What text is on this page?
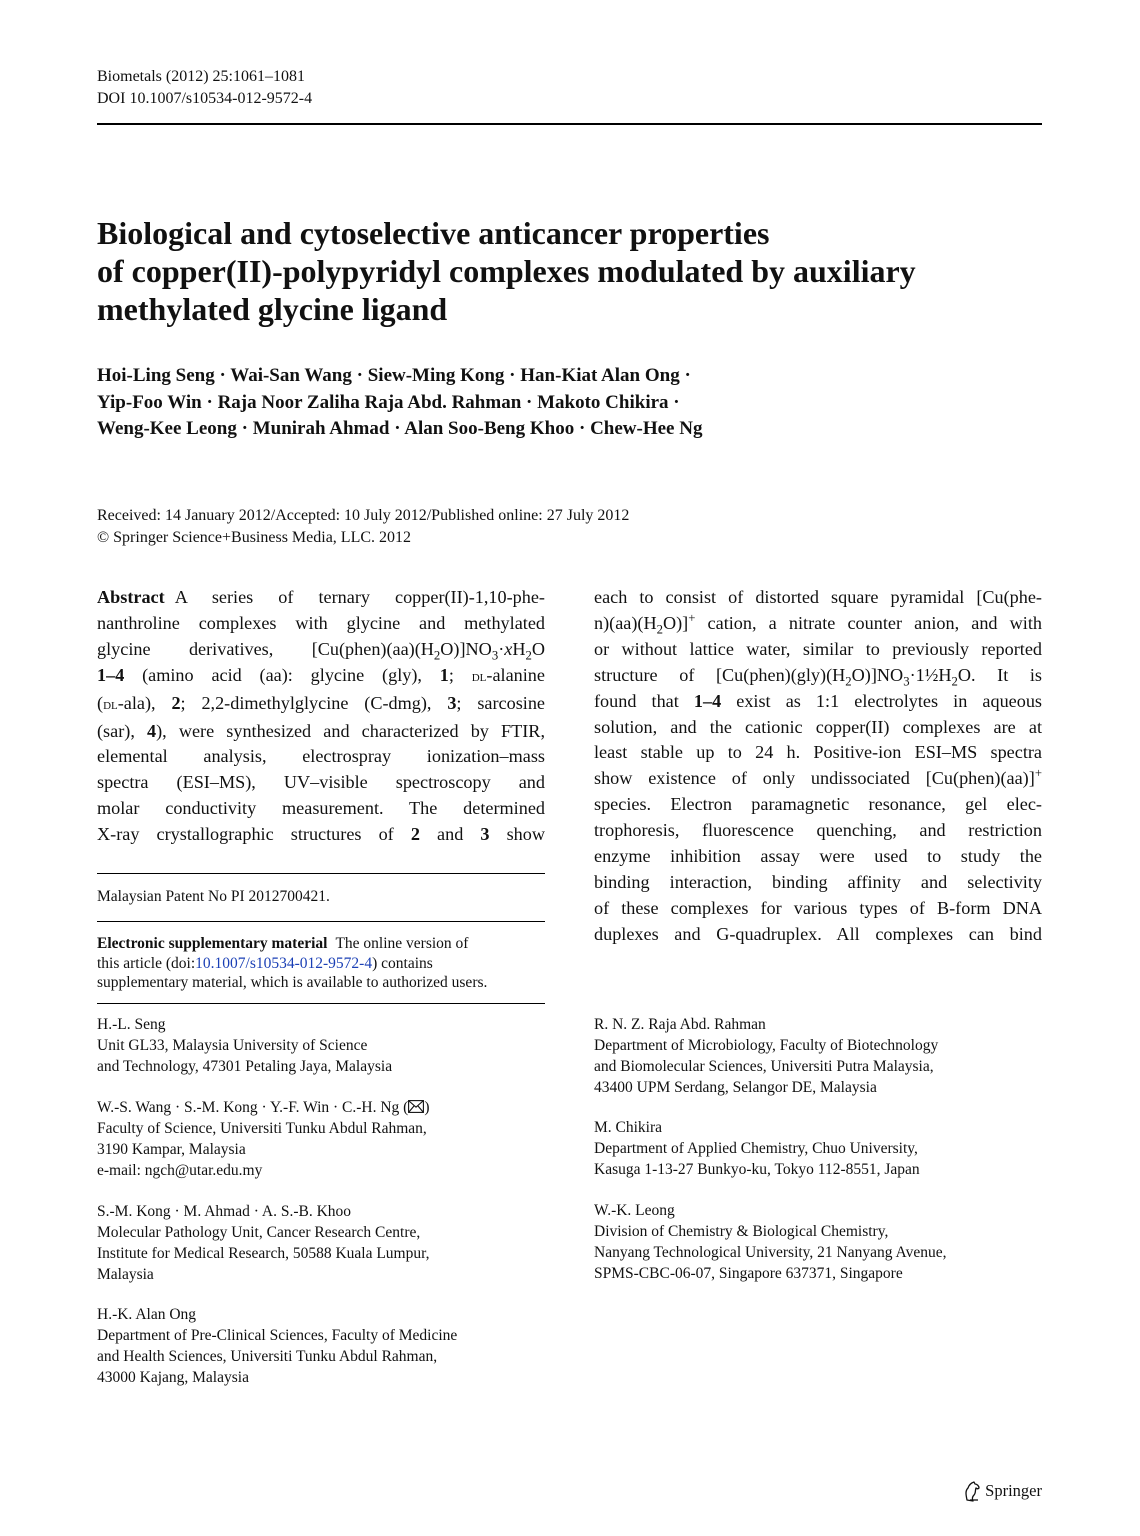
Biometals (2012) 25:1061–1081
DOI 10.1007/s10534-012-9572-4
Biological and cytoselective anticancer properties
of copper(II)-polypyridyl complexes modulated by auxiliary
methylated glycine ligand
Hoi-Ling Seng · Wai-San Wang · Siew-Ming Kong · Han-Kiat Alan Ong ·
Yip-Foo Win · Raja Noor Zaliha Raja Abd. Rahman · Makoto Chikira ·
Weng-Kee Leong · Munirah Ahmad · Alan Soo-Beng Khoo · Chew-Hee Ng
Received: 14 January 2012/Accepted: 10 July 2012/Published online: 27 July 2012
© Springer Science+Business Media, LLC. 2012

Abstract A series of ternary copper(II)-1,10-phe-

nanthroline complexes with glycine and methylated

glycine derivatives, $[Cu(phen)(aa)(H_2O)]NO_3\cdot xH_2O$

1–4 (amino acid (aa): glycine (gly), 1; dl-alanine

(dl-ala), 2; 2,2-dimethylglycine (C-dmg), 3; sarcosine

(sar), 4), were synthesized and characterized by FTIR,

elemental analysis, electrospray ionization–mass

spectra (ESI–MS), UV–visible spectroscopy and

molar conductivity measurement. The determined

X-ray crystallographic structures of 2 and 3 show

each to consist of distorted square pyramidal [Cu(phe-

$n)(aa)(H_2O)]^+$ cation, a nitrate counter anion, and with

or without lattice water, similar to previously reported

structure of $[Cu(phen)(gly)(H_2O)]NO_3\cdot 1\frac{1}{2}H_2O$. It is

found that 1–4 exist as 1:1 electrolytes in aqueous

solution, and the cationic copper(II) complexes are at

least stable up to 24 h. Positive-ion ESI–MS spectra

show existence of only undissociated [Cu(phen)(aa)]+

species. Electron paramagnetic resonance, gel elec-

trophoresis, fluorescence quenching, and restriction

enzyme inhibition assay were used to study the

binding interaction, binding affinity and selectivity

of these complexes for various types of B-form DNA

duplexes and G-quadruplex. All complexes can bind

Malaysian Patent No PI 2012700421.
Electronic supplementary material The online version of
this article (doi:10.1007/s10534-012-9572-4) contains
supplementary material, which is available to authorized users.

H.-L. Seng

Unit GL33, Malaysia University of Science

and Technology, 47301 Petaling Jaya, Malaysia

W.-S. Wang · S.-M. Kong · Y.-F. Win · C.-H. Ng ( )

Faculty of Science, Universiti Tunku Abdul Rahman,

3190 Kampar, Malaysia

e-mail: ngch@utar.edu.my

S.-M. Kong · M. Ahmad · A. S.-B. Khoo

Molecular Pathology Unit, Cancer Research Centre,

Institute for Medical Research, 50588 Kuala Lumpur,

Malaysia

H.-K. Alan Ong

Department of Pre-Clinical Sciences, Faculty of Medicine

and Health Sciences, Universiti Tunku Abdul Rahman,

43000 Kajang, Malaysia

R. N. Z. Raja Abd. Rahman

Department of Microbiology, Faculty of Biotechnology

and Biomolecular Sciences, Universiti Putra Malaysia,

43400 UPM Serdang, Selangor DE, Malaysia

M. Chikira

Department of Applied Chemistry, Chuo University,

Kasuga 1-13-27 Bunkyo-ku, Tokyo 112-8551, Japan

W.-K. Leong

Division of Chemistry & Biological Chemistry,

Nanyang Technological University, 21 Nanyang Avenue,

SPMS-CBC-06-07, Singapore 637371, Singapore

Springer
